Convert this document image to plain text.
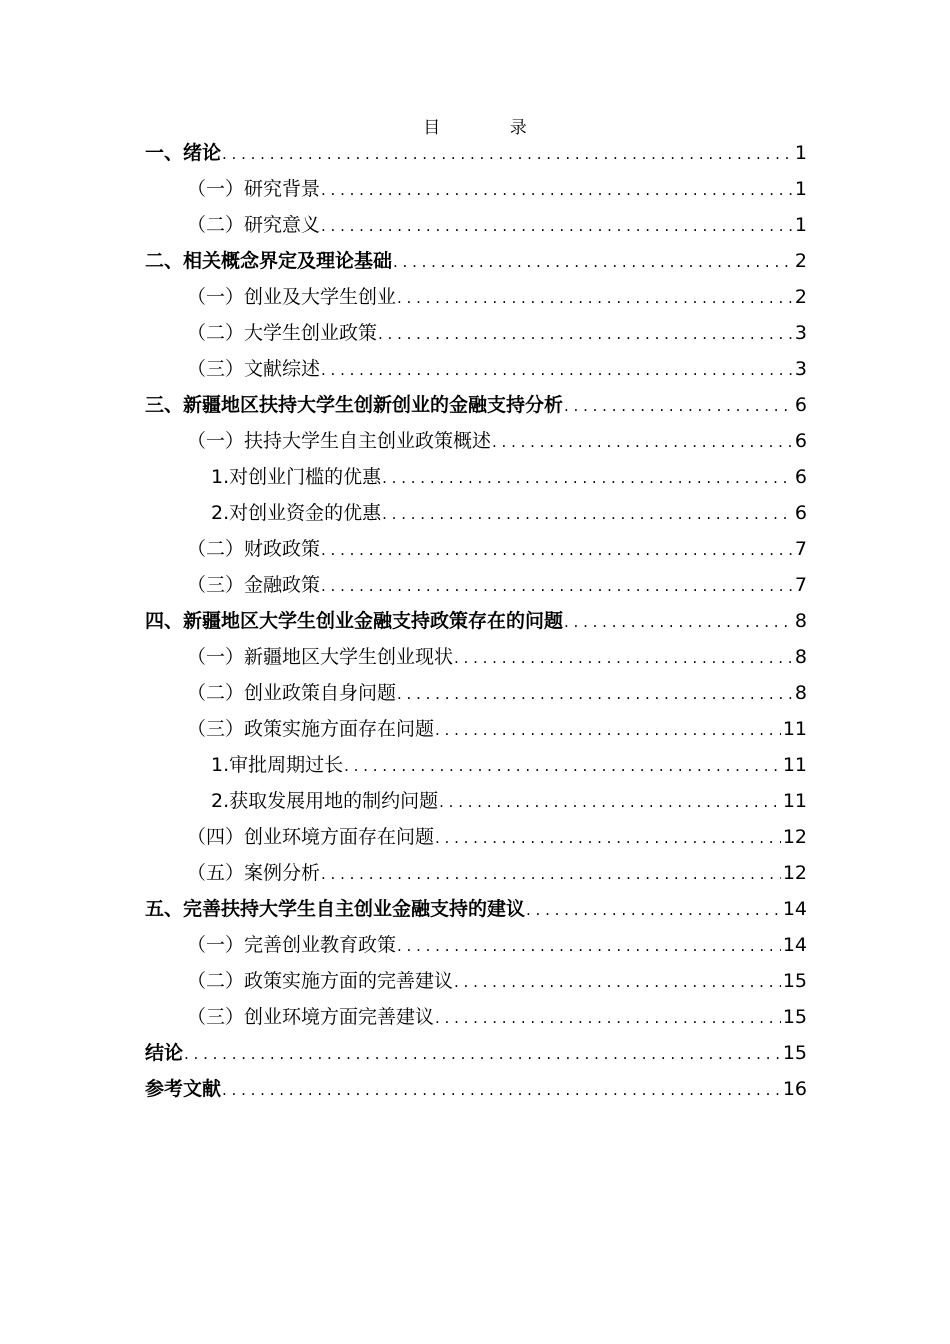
目 录
一、绪论 . . .	1
（一）研究背景 . . .	1
（二）研究意义 . . .	1
二、相关概念界定及理论基础 . . .	2
（一）创业及大学生创业 . . .	2
（二）大学生创业政策 . . .	3
（三）文献综述 . . .	3
三、新疆地区扶持大学生创新创业的金融支持分析 . . .	6
（一）扶持大学生自主创业政策概述 . . .	6
1.对创业门槛的优惠 . . .	6
2.对创业资金的优惠 . . .	6
（二）财政政策 . . .	7
（三）金融政策 . . .	7
四、新疆地区大学生创业金融支持政策存在的问题 . . .	8
（一）新疆地区大学生创业现状 . . .	8
（二）创业政策自身问题 . . .	8
（三）政策实施方面存在问题 . . .	11
1.审批周期过长 . . .	11
2.获取发展用地的制约问题 . . .	11
（四）创业环境方面存在问题 . . .	12
（五）案例分析 . . .	12
五、完善扶持大学生自主创业金融支持的建议 . . .	14
（一）完善创业教育政策 . . .	14
（二）政策实施方面的完善建议 . . .	15
（三）创业环境方面完善建议 . . .	15
结论 . . .	15
参考文献 . . .	16
